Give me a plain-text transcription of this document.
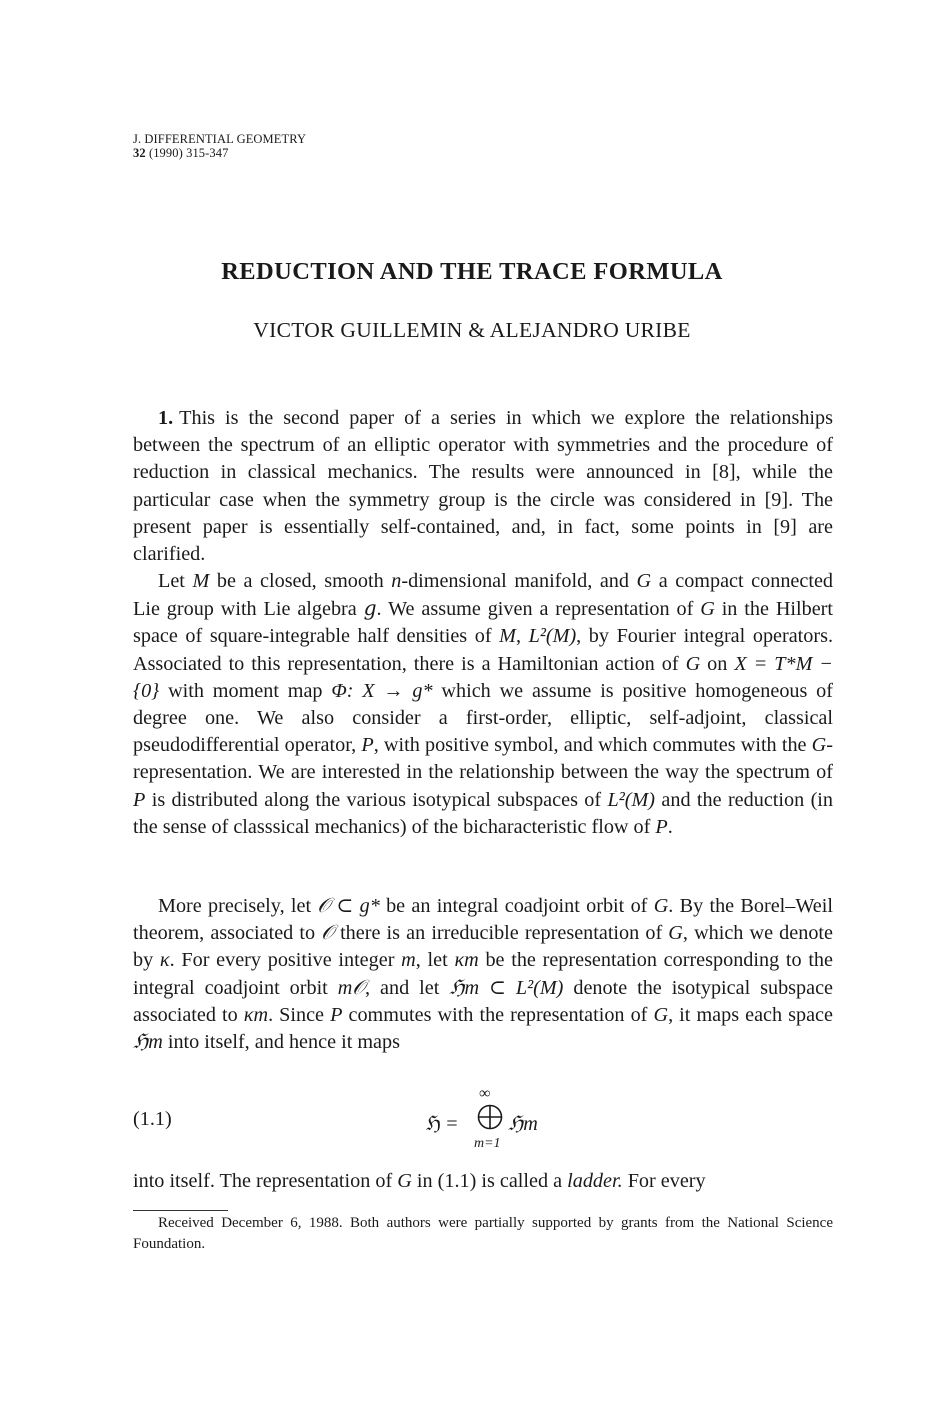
J. DIFFERENTIAL GEOMETRY
32 (1990) 315-347
REDUCTION AND THE TRACE FORMULA
VICTOR GUILLEMIN & ALEJANDRO URIBE

1. This is the second paper of a series in which we explore the relationships between the spectrum of an elliptic operator with symmetries and the procedure of reduction in classical mechanics. The results were announced in [8], while the particular case when the symmetry group is the circle was considered in [9]. The present paper is essentially self-contained, and, in fact, some points in [9] are clarified.

Let M be a closed, smooth n-dimensional manifold, and G a compact connected Lie group with Lie algebra g. We assume given a representation of G in the Hilbert space of square-integrable half densities of M, L²(M), by Fourier integral operators. Associated to this representation, there is a Hamiltonian action of G on X = T*M − {0} with moment map Φ: X → g* which we assume is positive homogeneous of degree one. We also consider a first-order, elliptic, self-adjoint, classical pseudodifferential operator, P, with positive symbol, and which commutes with the G-representation. We are interested in the relationship between the way the spectrum of P is distributed along the various isotypical subspaces of L²(M) and the reduction (in the sense of classsical mechanics) of the bicharacteristic flow of P.

More precisely, let 𝒪 ⊂ g* be an integral coadjoint orbit of G. By the Borel–Weil theorem, associated to 𝒪 there is an irreducible representation of G, which we denote by κ. For every positive integer m, let κm be the representation corresponding to the integral coadjoint orbit m𝒪, and let ℌm ⊂ L²(M) denote the isotypical subspace associated to κm. Since P commutes with the representation of G, it maps each space ℌm into itself, and hence it maps

(1.1)	ℌ =
∞
m=1
ℌm

into itself. The representation of G in (1.1) is called a ladder. For every

Received December 6, 1988. Both authors were partially supported by grants from the National Science Foundation.
